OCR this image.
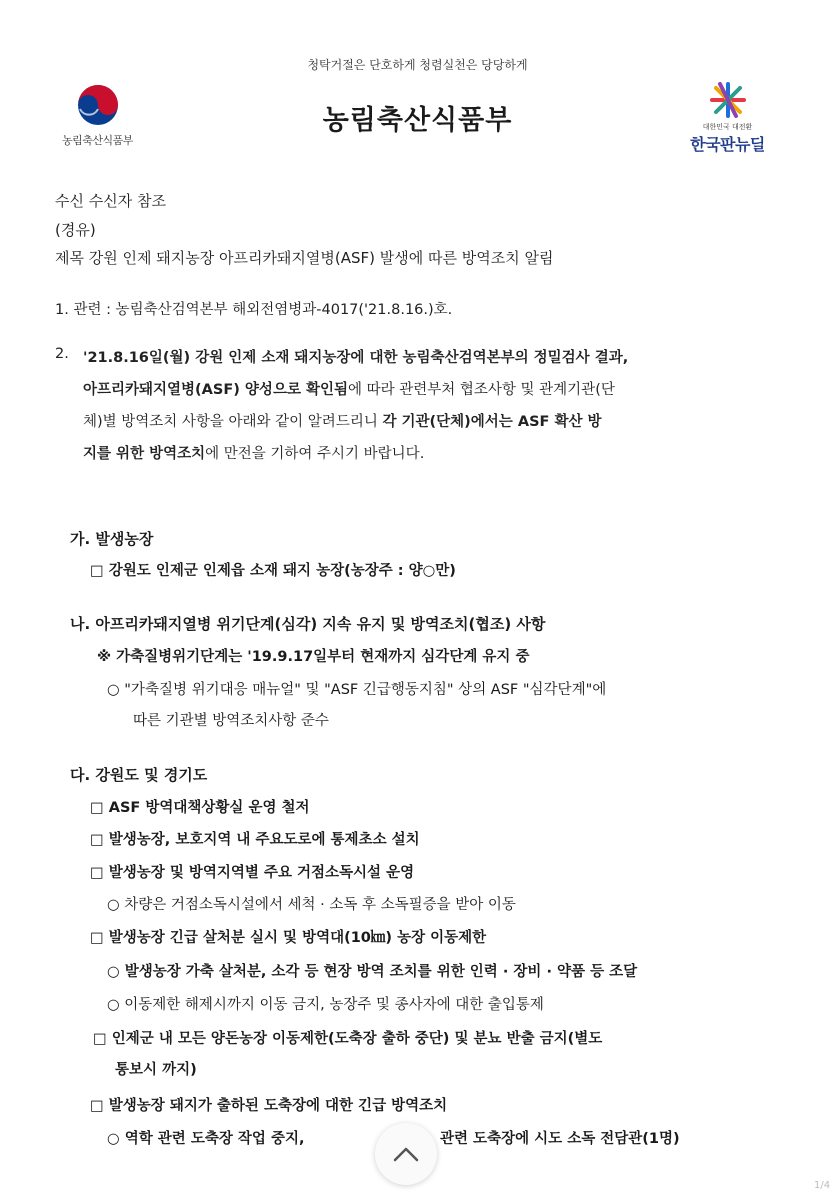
청탁거절은 단호하게 청렴실천은 당당하게
농림축산식품부
농림축산식품부	대한민국 대전환
한국판뉴딜
수신 수신자 참조
(경유)
제목 강원 인제 돼지농장 아프리카돼지열병(ASF) 발생에 따른 방역조치 알림
1. 관련 : 농림축산검역본부 해외전염병과-4017('21.8.16.)호.
2. '21.8.16일(월) 강원 인제 소재 돼지농장에 대한 농림축산검역본부의 정밀검사 결과,
아프리카돼지열병(ASF) 양성으로 확인됨에 따라 관련부처 협조사항 및 관계기관(단
체)별 방역조치 사항을 아래와 같이 알려드리니 각 기관(단체)에서는 ASF 확산 방
지를 위한 방역조치에 만전을 기하여 주시기 바랍니다.
가. 발생농장
□ 강원도 인제군 인제읍 소재 돼지 농장(농장주 : 양○만)
나. 아프리카돼지열병 위기단계(심각) 지속 유지 및 방역조치(협조) 사항
※ 가축질병위기단계는 '19.9.17일부터 현재까지 심각단계 유지 중
○ "가축질병 위기대응 매뉴얼" 및 "ASF 긴급행동지침" 상의 ASF "심각단계"에
따른 기관별 방역조치사항 준수
다. 강원도 및 경기도
□ ASF 방역대책상황실 운영 철저
□ 발생농장, 보호지역 내 주요도로에 통제초소 설치
□ 발생농장 및 방역지역별 주요 거점소독시설 운영
○ 차량은 거점소독시설에서 세척 · 소독 후 소독필증을 받아 이동
□ 발생농장 긴급 살처분 실시 및 방역대(10㎞) 농장 이동제한
○ 발생농장 가축 살처분, 소각 등 현장 방역 조치를 위한 인력 · 장비 · 약품 등 조달
○ 이동제한 해제시까지 이동 금지, 농장주 및 종사자에 대한 출입통제
□ 인제군 내 모든 양돈농장 이동제한(도축장 출하 중단) 및 분뇨 반출 금지(별도
통보시 까지)
□ 발생농장 돼지가 출하된 도축장에 대한 긴급 방역조치
○ 역학 관련 도축장 작업 중지,	관련 도축장에 시도 소독 전담관(1명)
1/4
